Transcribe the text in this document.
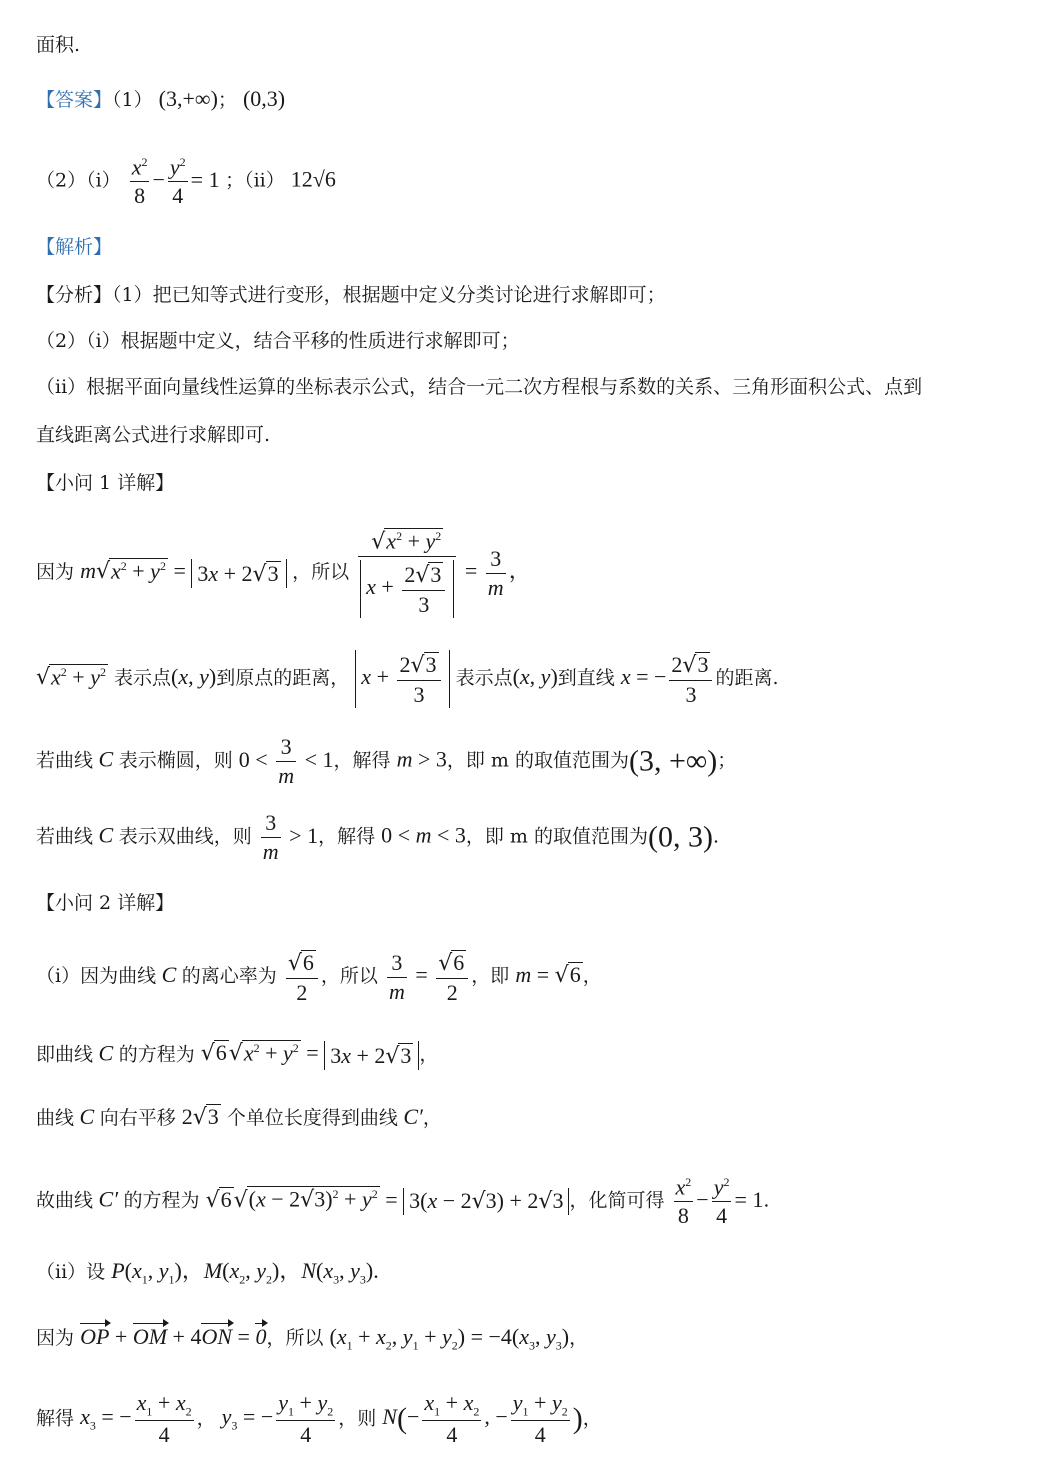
面积.
【答案】（1） (3,+∞)； (0,3)
$(2)(i) \frac{x^2}{8} - \frac{y^2}{4} = 1$ ；（ii） 12√6
【解析】
【分析】（1）把已知等式进行变形，根据题中定义分类讨论进行求解即可；
（2）（i）根据题中定义，结合平移的性质进行求解即可；
（ii）根据平面向量线性运算的坐标表示公式，结合一元二次方程根与系数的关系、三角形面积公式、点到
直线距离公式进行求解即可.
【小问 1 详解】
因为 $m√x^2 + y^2 = 3x + 2√3$ ，所以 $\frac{√x^2 + y^2}{x + \frac{2√3}{3}} = \frac{3}{m}$ ，
$√x^2 + y^2$ 表示点(x, y)到原点的距离， $x + \frac{2√3}{3}$ 表示点(x, y)到直线 x = − $\frac{2√3}{3}$ 的距离.
若曲线 C 表示椭圆，则 $0 < \frac{3}{m} < 1$，解得 m > 3，即 m 的取值范围为(3, +∞)；
若曲线 C 表示双曲线，则 $\frac{3}{m} > 1$，解得 0 < m < 3，即 m 的取值范围为(0, 3).
【小问 2 详解】
（i）因为曲线 C 的离心率为 $\frac{√6}{2}$ ，所以 $\frac{3}{m} = \frac{√6}{2}$ ，即 m = √6 ，
即曲线 C 的方程为 $√6√x^2 + y^2 = 3x + 2√3$ ，
曲线 C 向右平移 2√3 个单位长度得到曲线 C′，
故曲线 C′ 的方程为 $√6√(x - 2√3)^2 + y^2 = 3(x - 2√3) + 2√3$ ，化简可得 $\frac{x^2}{8} - \frac{y^2}{4} = 1$.
（ii）设 $P(x_1$, $y_1$)，$M(x_2$, $y_2$)，$N(x_3$, $y_3$).
因为 OP + OM + 4ON = 0，所以 ($x_1 + x_2$, $y_1 + y_2) = -4(x_3$, $y_3$)，
解得 $x_3$ = − $\frac{x_1 + x_2}{4}$ ， $y_3$ = − $\frac{y_1 + y_2}{4}$ ，则 $N(- \frac{x_1 + x_2}{4}$ , − $\frac{y_1 + y_2}{4}$ )，
